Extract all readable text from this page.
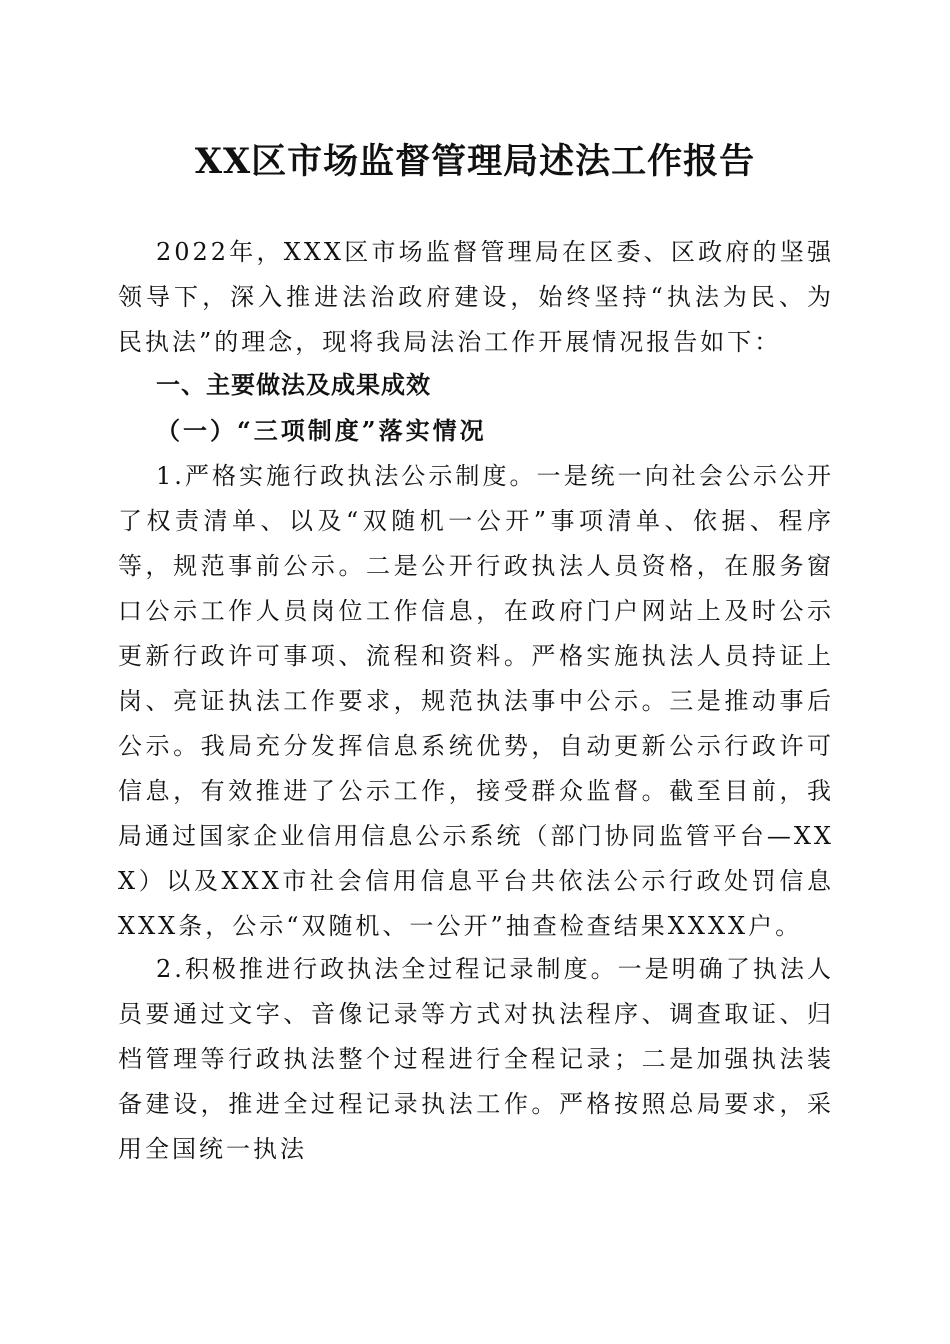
XX区市场监督管理局述法工作报告

2022年，XXX区市场监督管理局在区委、区政府的坚强领导下，深入推进法治政府建设，始终坚持“执法为民、为民执法”的理念，现将我局法治工作开展情况报告如下：

一、主要做法及成果成效
（一）“三项制度”落实情况

1.严格实施行政执法公示制度。一是统一向社会公示公开了权责清单、以及“双随机一公开”事项清单、依据、程序等，规范事前公示。二是公开行政执法人员资格，在服务窗口公示工作人员岗位工作信息，在政府门户网站上及时公示更新行政许可事项、流程和资料。严格实施执法人员持证上岗、亮证执法工作要求，规范执法事中公示。三是推动事后公示。我局充分发挥信息系统优势，自动更新公示行政许可信息，有效推进了公示工作，接受群众监督。截至目前，我局通过国家企业信用信息公示系统（部门协同监管平台—XXX）以及XXX市社会信用信息平台共依法公示行政处罚信息XXX条，公示“双随机、一公开”抽查检查结果XXXX户。

2.积极推进行政执法全过程记录制度。一是明确了执法人员要通过文字、音像记录等方式对执法程序、调查取证、归档管理等行政执法整个过程进行全程记录；二是加强执法装备建设，推进全过程记录执法工作。严格按照总局要求，采用全国统一执法
